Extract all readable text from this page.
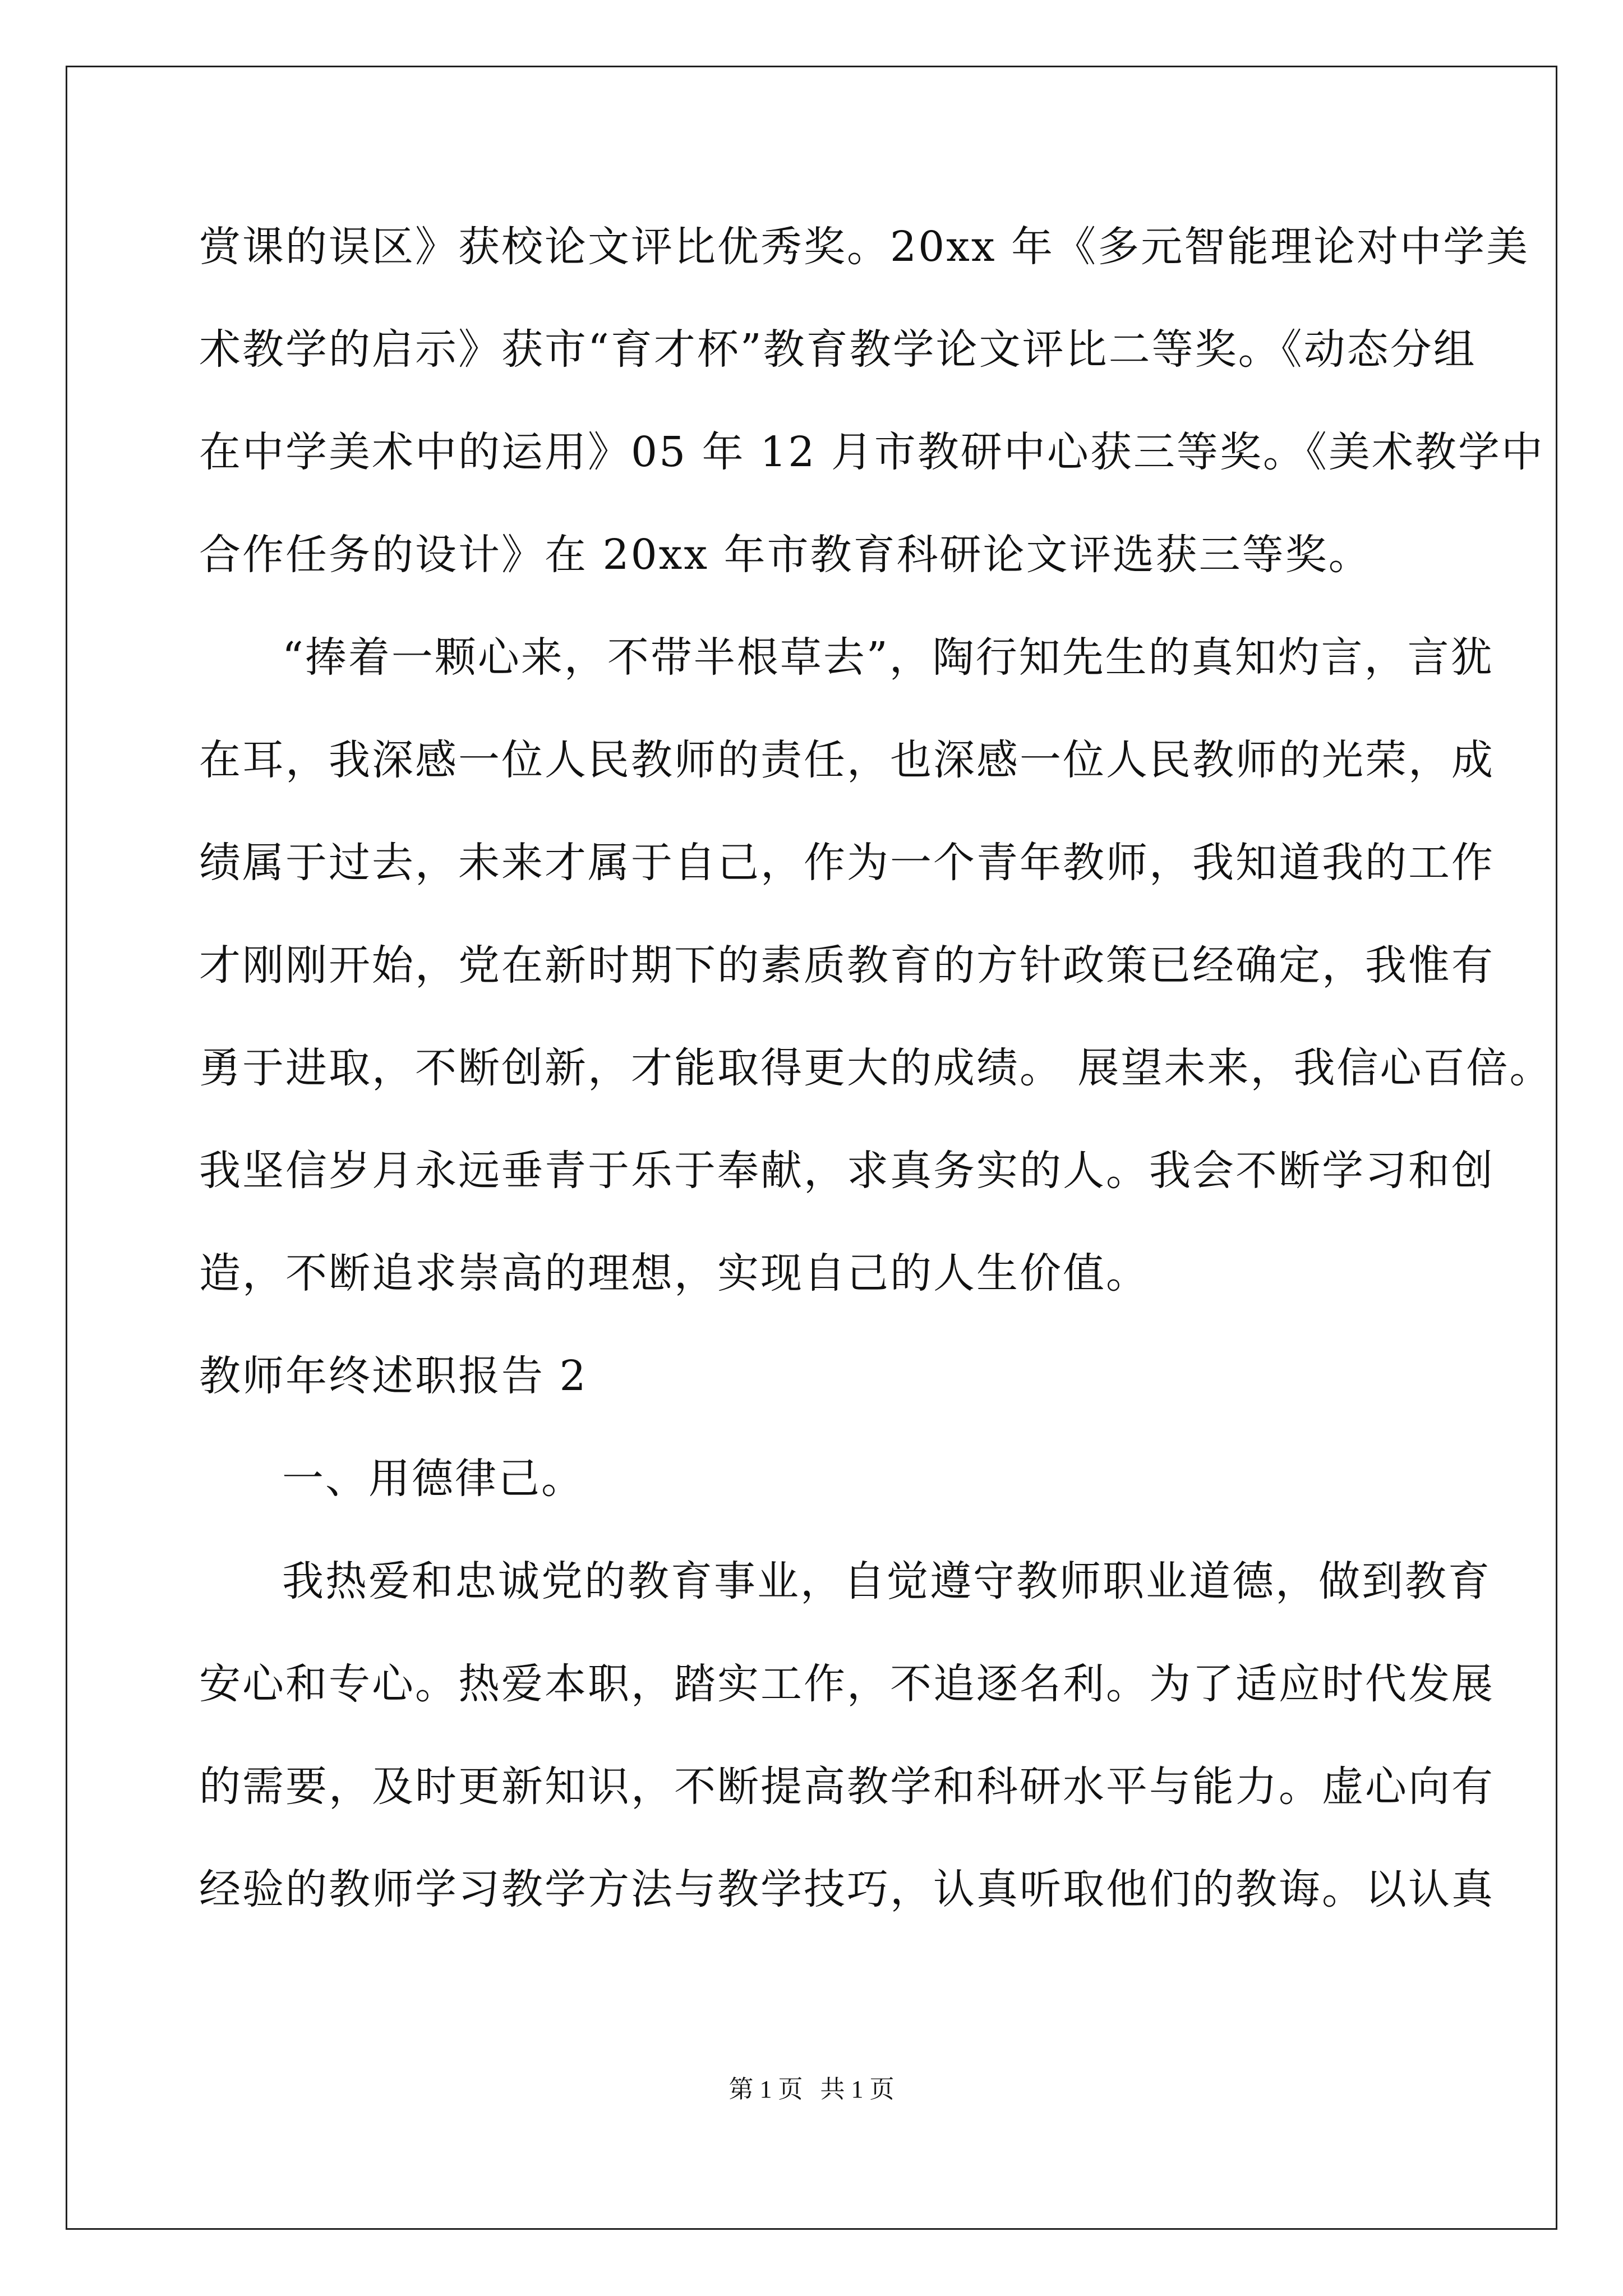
赏课的误区》获校论文评比优秀奖。20xx 年《多元智能理论对中学美
术教学的启示》获市“育才杯”教育教学论文评比二等奖。《动态分组
在中学美术中的运用》05 年 12 月市教研中心获三等奖。《美术教学中
合作任务的设计》在 20xx 年市教育科研论文评选获三等奖。
“捧着一颗心来，不带半根草去”，陶行知先生的真知灼言，言犹
在耳，我深感一位人民教师的责任，也深感一位人民教师的光荣，成
绩属于过去，未来才属于自己，作为一个青年教师，我知道我的工作
才刚刚开始，党在新时期下的素质教育的方针政策已经确定，我惟有
勇于进取，不断创新，才能取得更大的成绩。 展望未来，我信心百倍。
我坚信岁月永远垂青于乐于奉献，求真务实的人。我会不断学习和创
造，不断追求崇高的理想，实现自己的人生价值。
教师年终述职报告 2
一、用德律己。
我热爱和忠诚党的教育事业，自觉遵守教师职业道德，做到教育
安心和专心。热爱本职，踏实工作，不追逐名利。为了适应时代发展
的需要，及时更新知识，不断提高教学和科研水平与能力。虚心向有
经验的教师学习教学方法与教学技巧，认真听取他们的教诲。以认真
第 1 页 共 1 页
